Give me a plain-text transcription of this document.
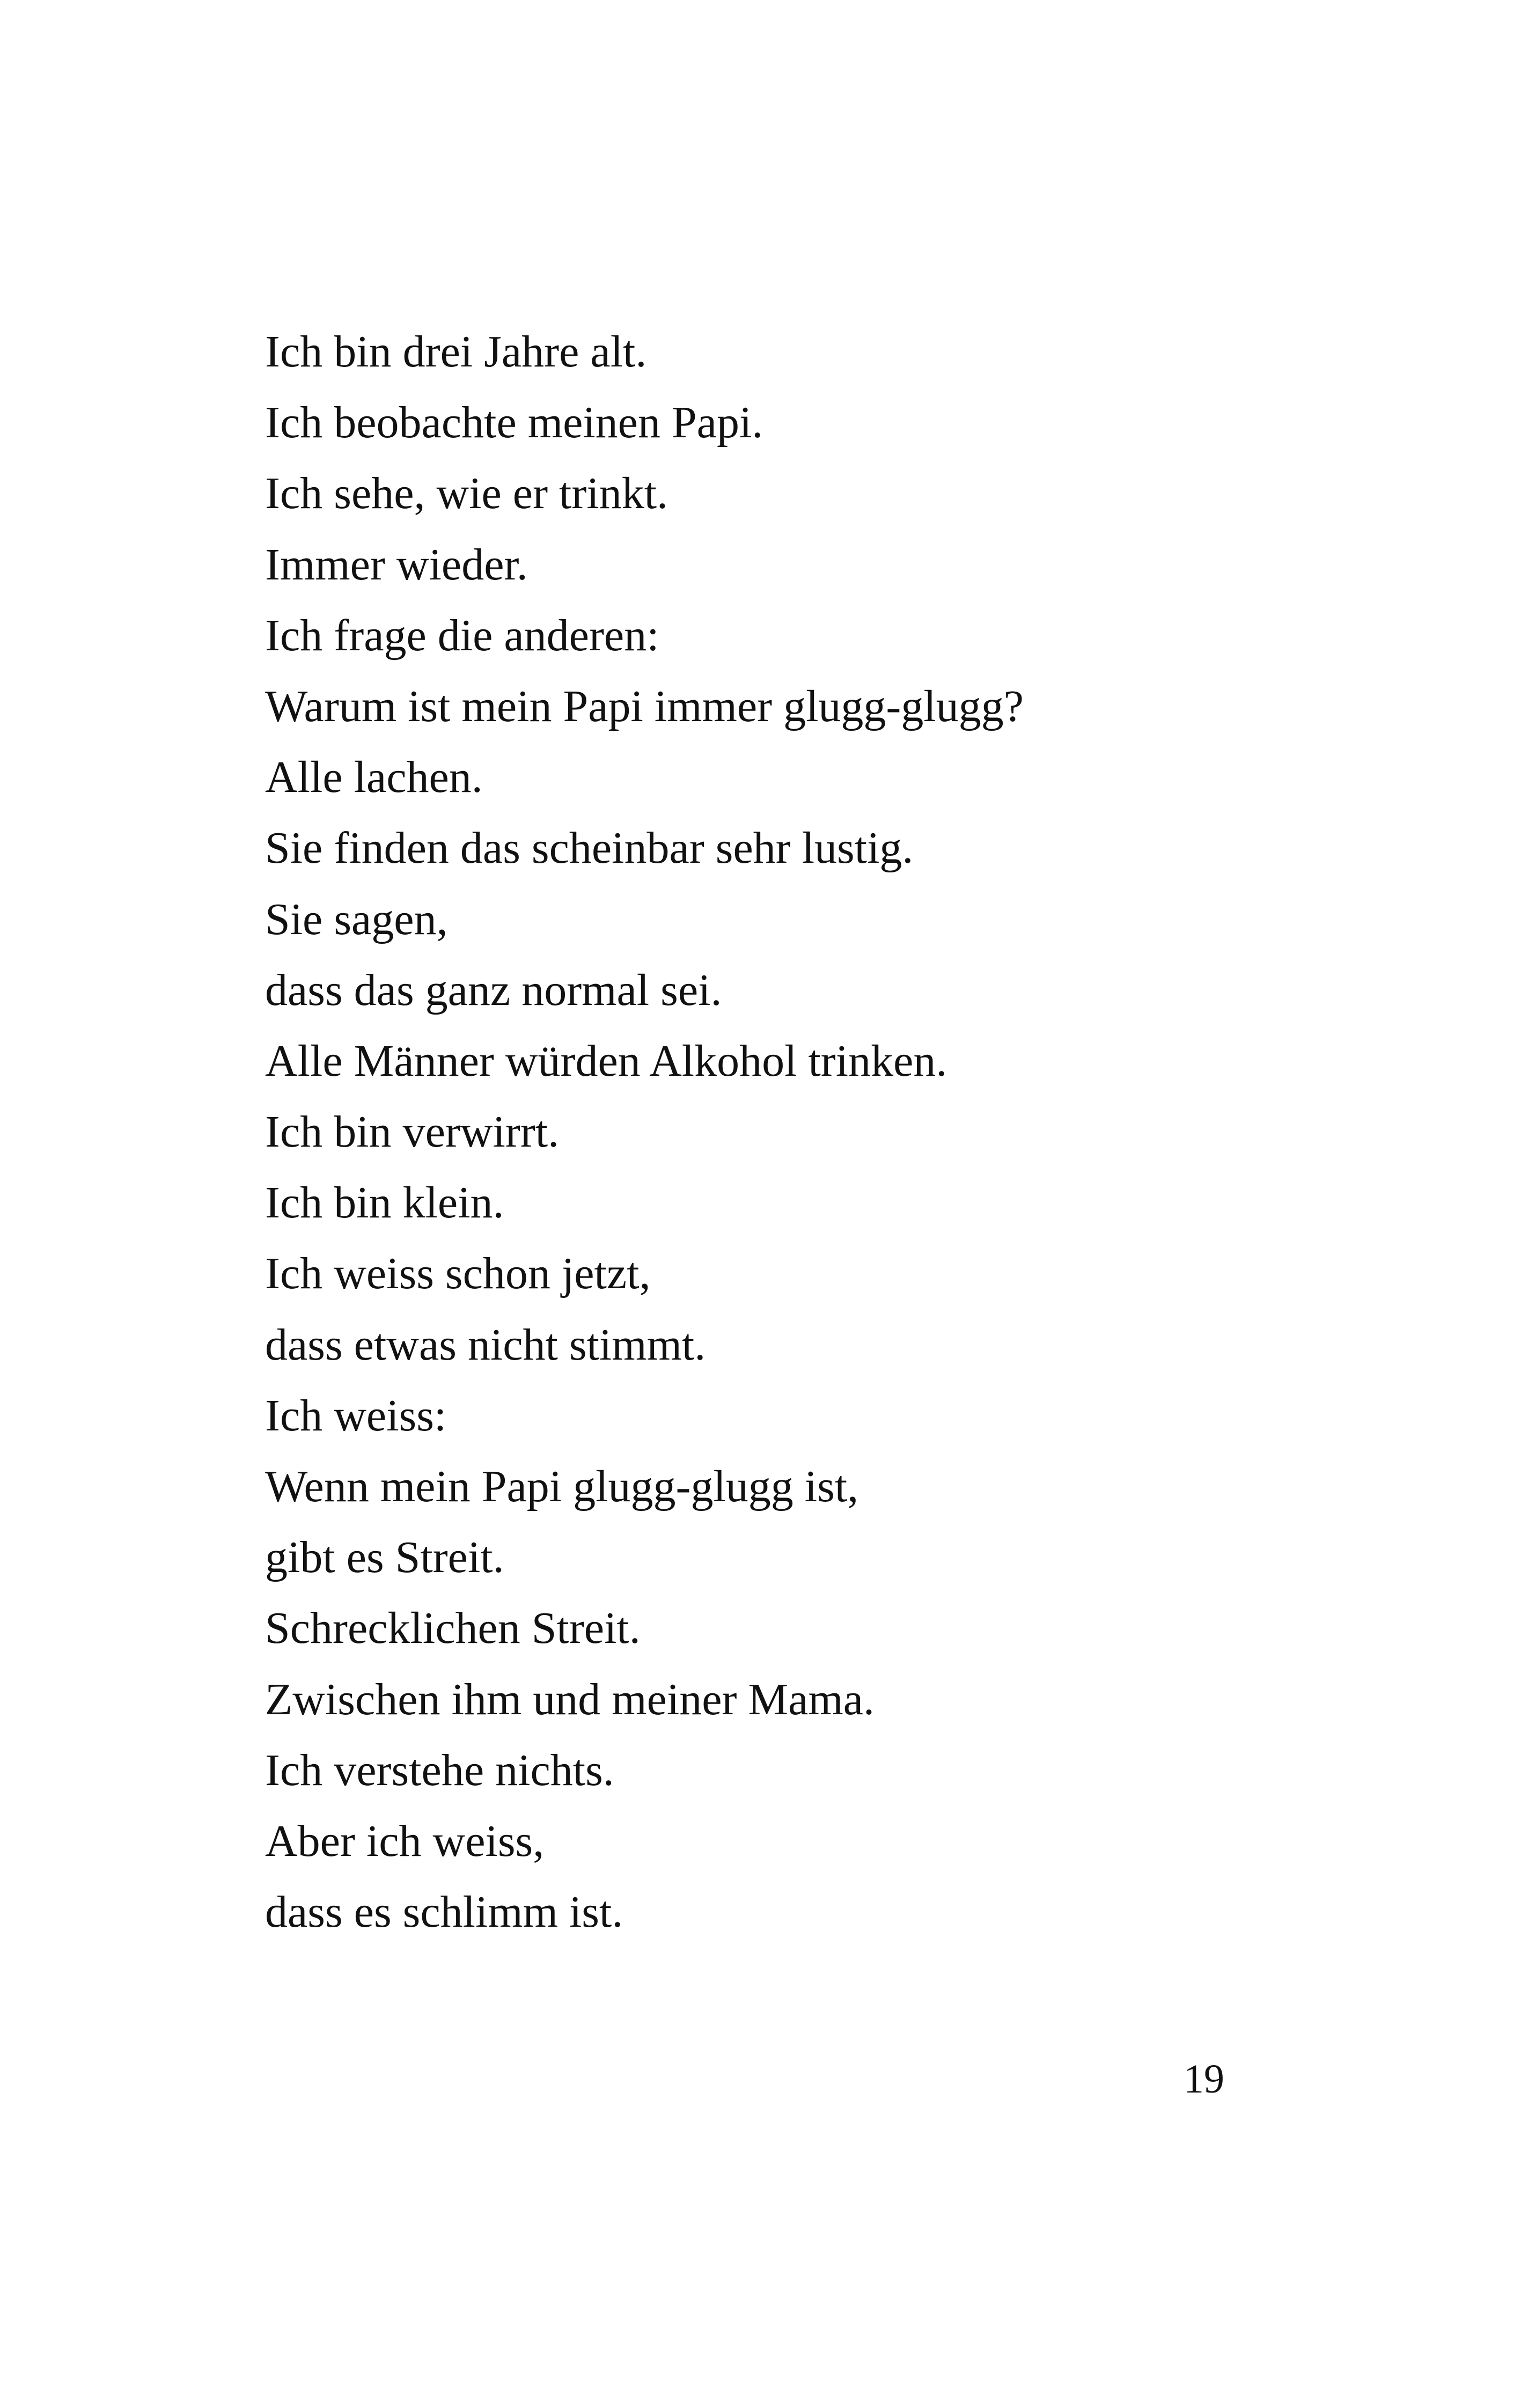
Ich bin drei Jahre alt.
Ich beobachte meinen Papi.
Ich sehe, wie er trinkt.
Immer wieder.
Ich frage die anderen:
Warum ist mein Papi immer glugg-glugg?
Alle lachen.
Sie finden das scheinbar sehr lustig.
Sie sagen,
dass das ganz normal sei.
Alle Männer würden Alkohol trinken.
Ich bin verwirrt.
Ich bin klein.
Ich weiss schon jetzt,
dass etwas nicht stimmt.
Ich weiss:
Wenn mein Papi glugg-glugg ist,
gibt es Streit.
Schrecklichen Streit.
Zwischen ihm und meiner Mama.
Ich verstehe nichts.
Aber ich weiss,
dass es schlimm ist.
19
